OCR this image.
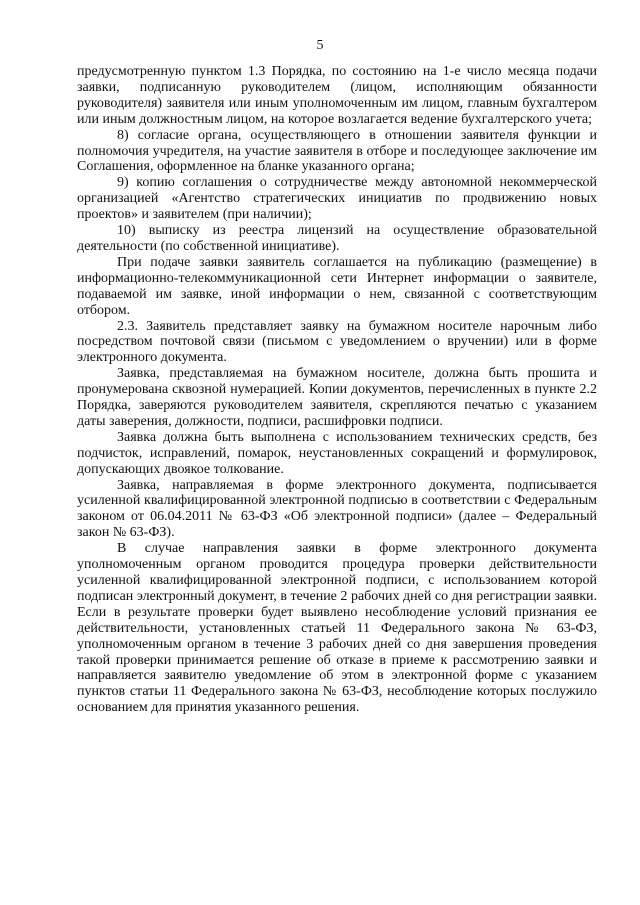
5

предусмотренную пунктом 1.3 Порядка, по состоянию на 1-е число месяца подачи заявки, подписанную руководителем (лицом, исполняющим обязанности руководителя) заявителя или иным уполномоченным им лицом, главным бухгалтером или иным должностным лицом, на которое возлагается ведение бухгалтерского учета;

8) согласие органа, осуществляющего в отношении заявителя функции и полномочия учредителя, на участие заявителя в отборе и последующее заключение им Соглашения, оформленное на бланке указанного органа;

9) копию соглашения о сотрудничестве между автономной некоммерческой организацией «Агентство стратегических инициатив по продвижению новых проектов» и заявителем (при наличии);

10) выписку из реестра лицензий на осуществление образовательной деятельности (по собственной инициативе).

При подаче заявки заявитель соглашается на публикацию (размещение) в информационно-телекоммуникационной сети Интернет информации о заявителе, подаваемой им заявке, иной информации о нем, связанной с соответствующим отбором.

2.3. Заявитель представляет заявку на бумажном носителе нарочным либо посредством почтовой связи (письмом с уведомлением о вручении) или в форме электронного документа.

Заявка, представляемая на бумажном носителе, должна быть прошита и пронумерована сквозной нумерацией. Копии документов, перечисленных в пункте 2.2 Порядка, заверяются руководителем заявителя, скрепляются печатью с указанием даты заверения, должности, подписи, расшифровки подписи.

Заявка должна быть выполнена с использованием технических средств, без подчисток, исправлений, помарок, неустановленных сокращений и формулировок, допускающих двоякое толкование.

Заявка, направляемая в форме электронного документа, подписывается усиленной квалифицированной электронной подписью в соответствии с Федеральным законом от 06.04.2011 № 63-ФЗ «Об электронной подписи» (далее – Федеральный закон № 63-ФЗ).

В случае направления заявки в форме электронного документа уполномоченным органом проводится процедура проверки действительности усиленной квалифицированной электронной подписи, с использованием которой подписан электронный документ, в течение 2 рабочих дней со дня регистрации заявки. Если в результате проверки будет выявлено несоблюдение условий признания ее действительности, установленных статьей 11 Федерального закона № 63-ФЗ, уполномоченным органом в течение 3 рабочих дней со дня завершения проведения такой проверки принимается решение об отказе в приеме к рассмотрению заявки и направляется заявителю уведомление об этом в электронной форме с указанием пунктов статьи 11 Федерального закона № 63-ФЗ, несоблюдение которых послужило основанием для принятия указанного решения.
